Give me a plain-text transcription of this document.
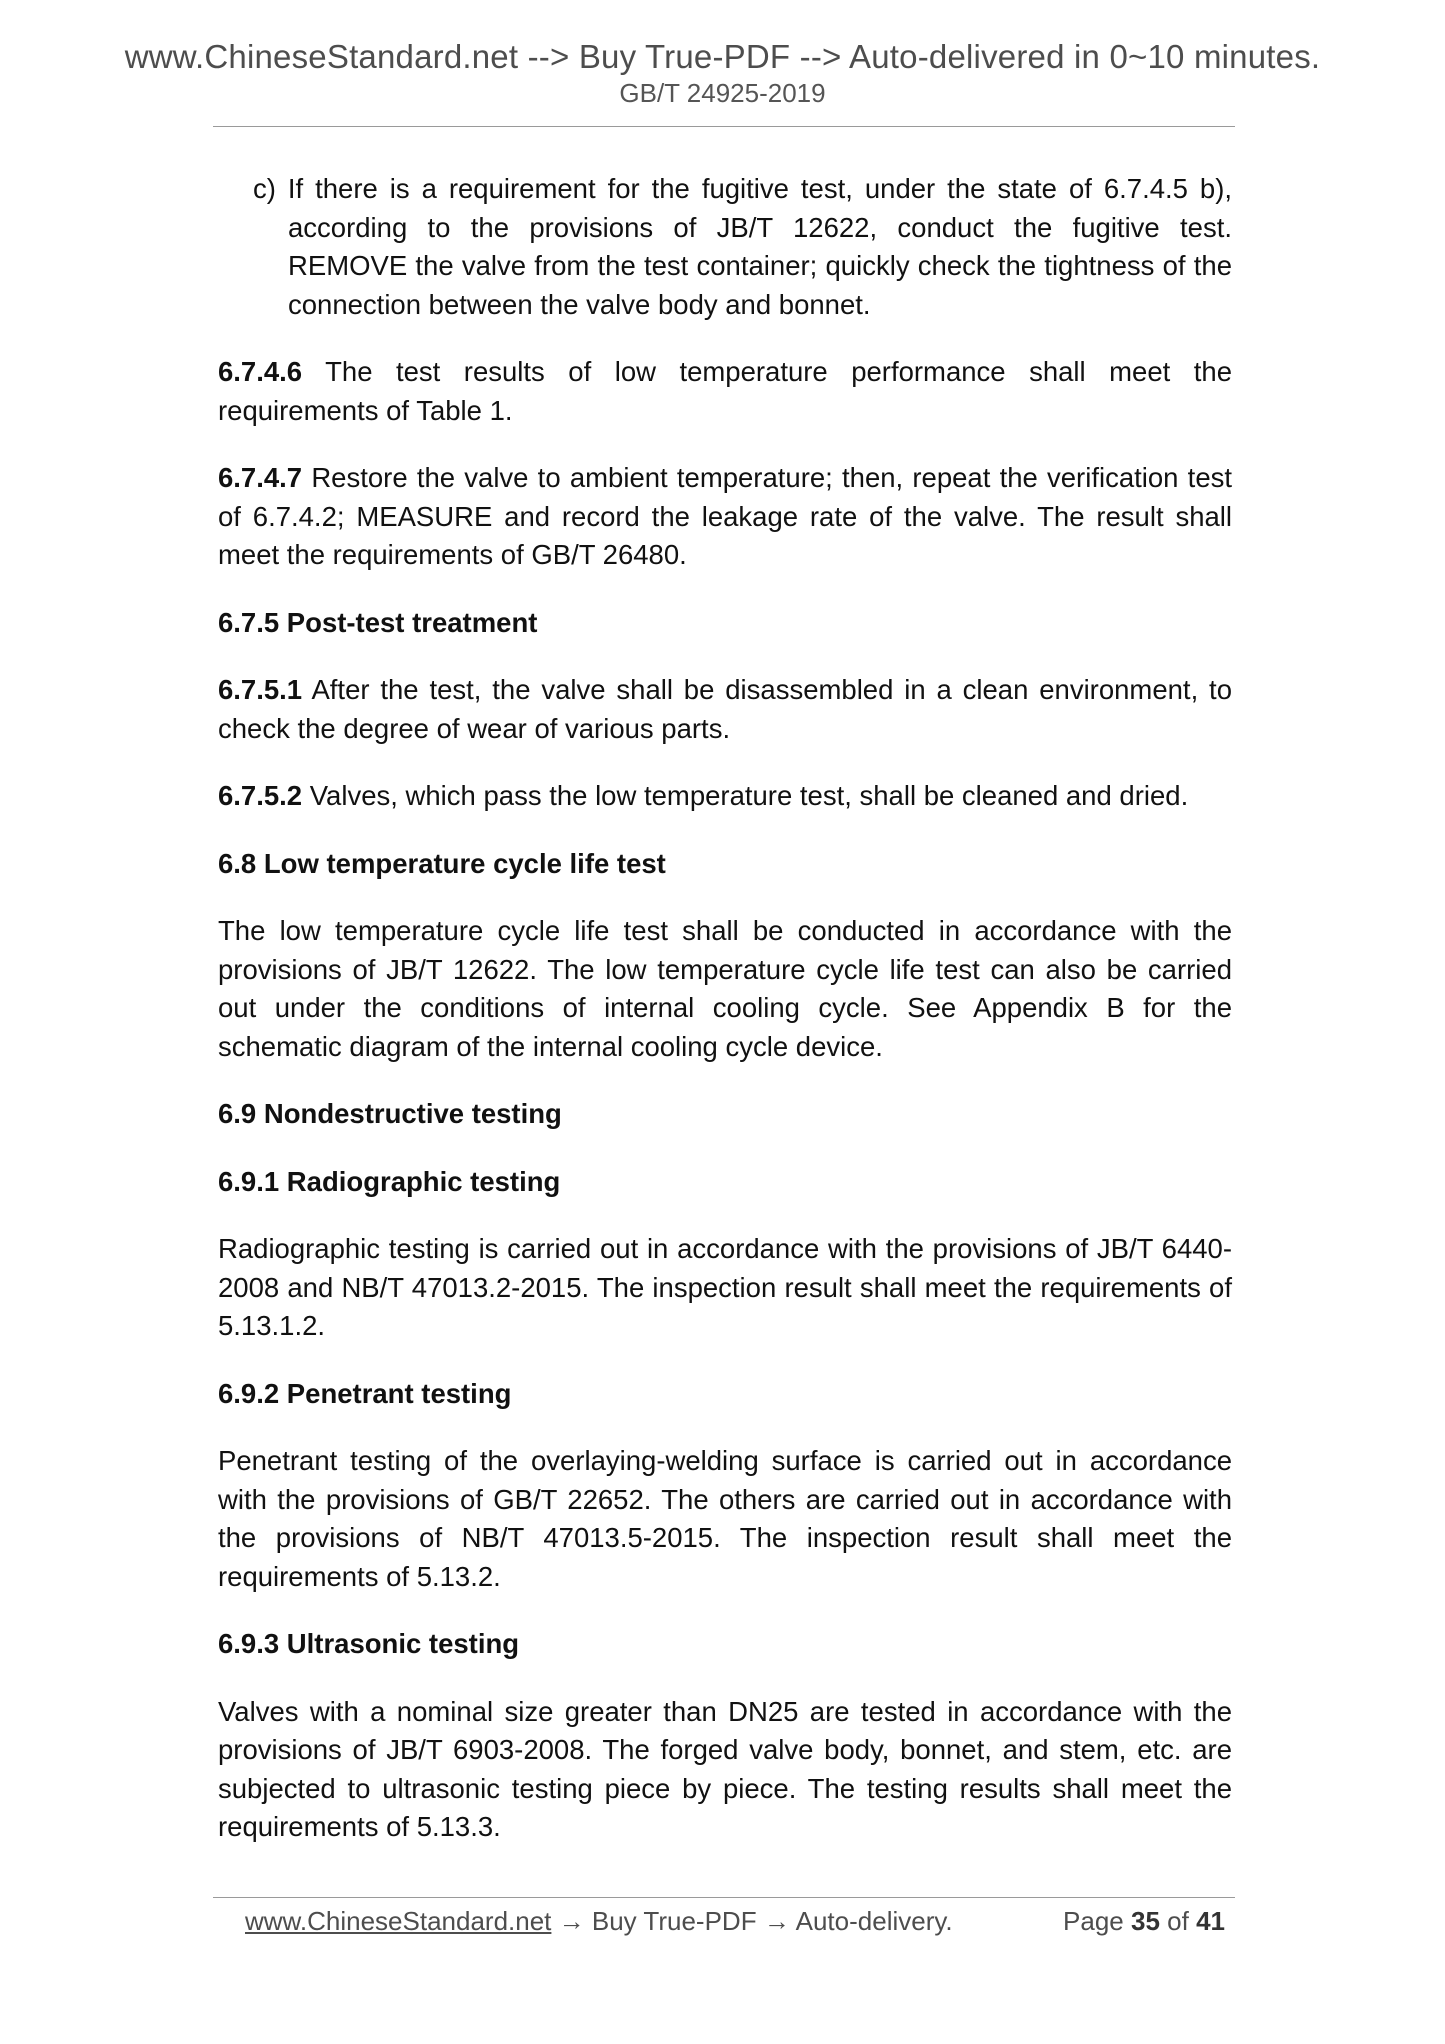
www.ChineseStandard.net --> Buy True-PDF --> Auto-delivered in 0~10 minutes.
GB/T 24925-2019

c) If there is a requirement for the fugitive test, under the state of 6.7.4.5 b), according to the provisions of JB/T 12622, conduct the fugitive test. REMOVE the valve from the test container; quickly check the tightness of the connection between the valve body and bonnet.

6.7.4.6 The test results of low temperature performance shall meet the requirements of Table 1.

6.7.4.7 Restore the valve to ambient temperature; then, repeat the verification test of 6.7.4.2; MEASURE and record the leakage rate of the valve. The result shall meet the requirements of GB/T 26480.

6.7.5 Post-test treatment

6.7.5.1 After the test, the valve shall be disassembled in a clean environment, to check the degree of wear of various parts.

6.7.5.2 Valves, which pass the low temperature test, shall be cleaned and dried.

6.8 Low temperature cycle life test

The low temperature cycle life test shall be conducted in accordance with the provisions of JB/T 12622. The low temperature cycle life test can also be carried out under the conditions of internal cooling cycle. See Appendix B for the schematic diagram of the internal cooling cycle device.

6.9 Nondestructive testing
6.9.1 Radiographic testing

Radiographic testing is carried out in accordance with the provisions of JB/T 6440-2008 and NB/T 47013.2-2015. The inspection result shall meet the requirements of 5.13.1.2.

6.9.2 Penetrant testing

Penetrant testing of the overlaying-welding surface is carried out in accordance with the provisions of GB/T 22652. The others are carried out in accordance with the provisions of NB/T 47013.5-2015. The inspection result shall meet the requirements of 5.13.2.

6.9.3 Ultrasonic testing

Valves with a nominal size greater than DN25 are tested in accordance with the provisions of JB/T 6903-2008. The forged valve body, bonnet, and stem, etc. are subjected to ultrasonic testing piece by piece. The testing results shall meet the requirements of 5.13.3.

www.ChineseStandard.net → Buy True-PDF → Auto-delivery.	Page 35 of 41
